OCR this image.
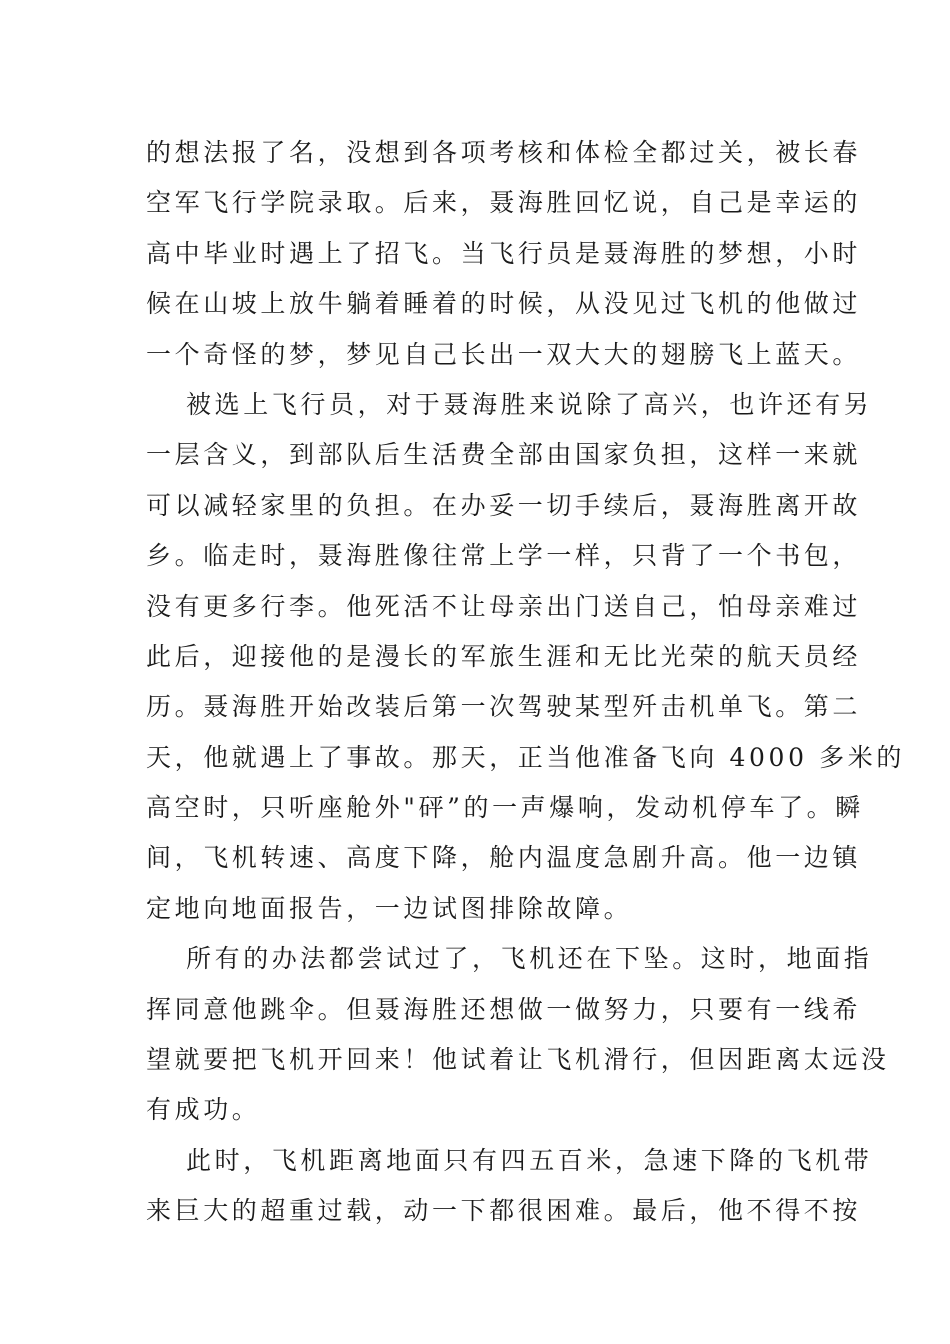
的想法报了名，没想到各项考核和体检全都过关，被长春
空军飞行学院录取。后来，聂海胜回忆说，自己是幸运的
高中毕业时遇上了招飞。当飞行员是聂海胜的梦想，小时
候在山坡上放牛躺着睡着的时候，从没见过飞机的他做过
一个奇怪的梦，梦见自己长出一双大大的翅膀飞上蓝天。
被选上飞行员，对于聂海胜来说除了高兴，也许还有另
一层含义，到部队后生活费全部由国家负担，这样一来就
可以减轻家里的负担。在办妥一切手续后，聂海胜离开故
乡。临走时，聂海胜像往常上学一样，只背了一个书包，
没有更多行李。他死活不让母亲出门送自己，怕母亲难过
此后，迎接他的是漫长的军旅生涯和无比光荣的航天员经
历。聂海胜开始改装后第一次驾驶某型歼击机单飞。第二
天，他就遇上了事故。那天，正当他准备飞向 4000 多米的
高空时，只听座舱外"砰”的一声爆响，发动机停车了。瞬
间，飞机转速、高度下降，舱内温度急剧升高。他一边镇
定地向地面报告，一边试图排除故障。
所有的办法都尝试过了，飞机还在下坠。这时，地面指
挥同意他跳伞。但聂海胜还想做一做努力，只要有一线希
望就要把飞机开回来！他试着让飞机滑行，但因距离太远没
有成功。
此时，飞机距离地面只有四五百米，急速下降的飞机带
来巨大的超重过载，动一下都很困难。最后，他不得不按
